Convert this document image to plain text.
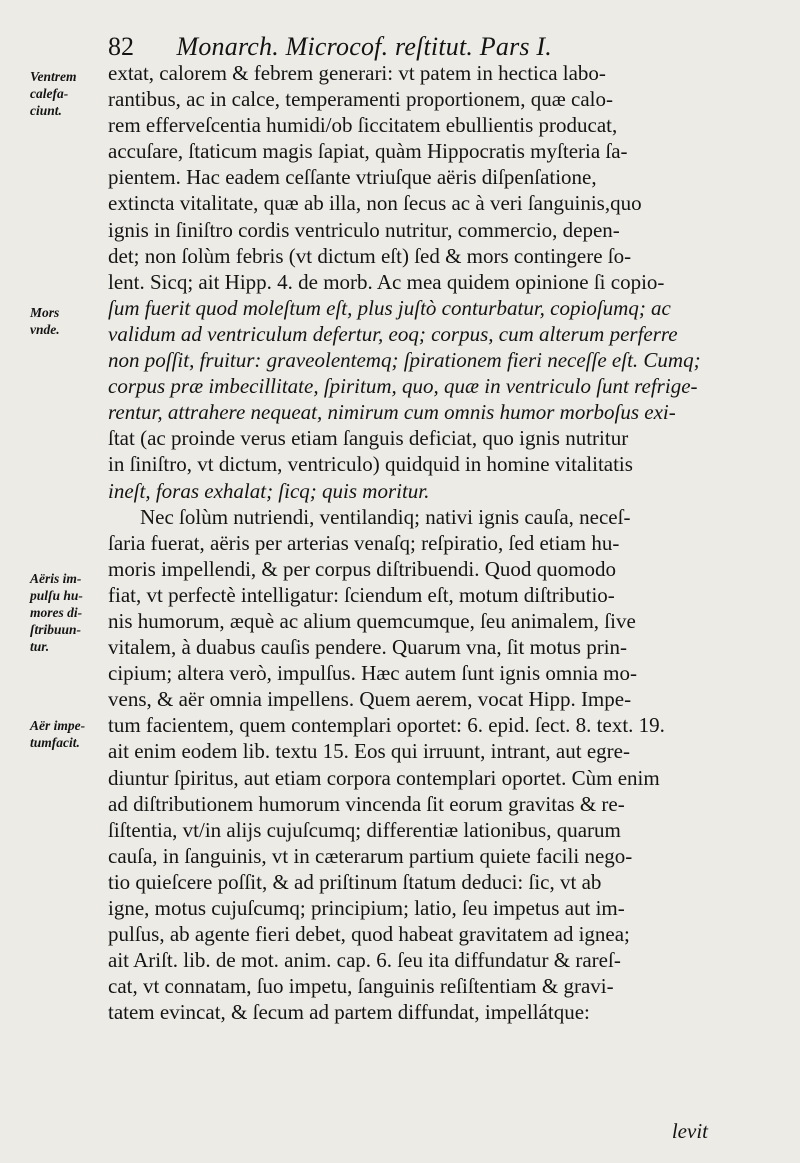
82 Monarch. Microcof. reſtitut. Pars I.
Ventrem
calefa-
ciunt.
Mors
vnde.
Aëris im-
pulſu hu-
mores di-
ſtribuun-
tur.
Aër impe-
tumfacit.
extat, calorem & febrem generari: vt patem in hectica labo-
rantibus, ac in calce, temperamenti proportionem, quæ calo-
rem efferveſcentia humidi/ob ſiccitatem ebullientis producat,
accuſare, ſtaticum magis ſapiat, quàm Hippocratis myſteria ſa-
pientem. Hac eadem ceſſante vtriuſque aëris diſpenſatione,
extincta vitalitate, quæ ab illa, non ſecus ac à veri ſanguinis,quo
ignis in ſiniſtro cordis ventriculo nutritur, commercio, depen-
det; non ſolùm febris (vt dictum eſt) ſed & mors contingere ſo-
lent. Sicq; ait Hipp. 4. de morb. Ac mea quidem opinione ſi copio-
ſum fuerit quod moleſtum eſt, plus juſtò conturbatur, copioſumq; ac
validum ad ventriculum defertur, eoq; corpus, cum alterum perferre
non poſſit, fruitur: graveolentemq; ſpirationem fieri neceſſe eſt. Cumq;
corpus præ imbecillitate, ſpiritum, quo, quæ in ventriculo ſunt refrige-
rentur, attrahere nequeat, nimirum cum omnis humor morboſus exi-
ſtat (ac proinde verus etiam ſanguis deficiat, quo ignis nutritur
in ſiniſtro, vt dictum, ventriculo) quidquid in homine vitalitatis
ineſt, foras exhalat; ſicq; quis moritur.
Nec ſolùm nutriendi, ventilandiq; nativi ignis cauſa, neceſ-
ſaria fuerat, aëris per arterias venaſq; reſpiratio, ſed etiam hu-
moris impellendi, & per corpus diſtribuendi. Quod quomodo
fiat, vt perfectè intelligatur: ſciendum eſt, motum diſtributio-
nis humorum, æquè ac alium quemcumque, ſeu animalem, ſive
vitalem, à duabus cauſis pendere. Quarum vna, ſit motus prin-
cipium; altera verò, impulſus. Hæc autem ſunt ignis omnia mo-
vens, & aër omnia impellens. Quem aerem, vocat Hipp. Impe-
tum facientem, quem contemplari oportet: 6. epid. ſect. 8. text. 19.
ait enim eodem lib. textu 15. Eos qui irruunt, intrant, aut egre-
diuntur ſpiritus, aut etiam corpora contemplari oportet. Cùm enim
ad diſtributionem humorum vincenda ſit eorum gravitas & re-
ſiſtentia, vt/in alijs cujuſcumq; differentiæ lationibus, quarum
cauſa, in ſanguinis, vt in cæterarum partium quiete facili nego-
tio quieſcere poſſit, & ad priſtinum ſtatum deduci: ſic, vt ab
igne, motus cujuſcumq; principium; latio, ſeu impetus aut im-
pulſus, ab agente fieri debet, quod habeat gravitatem ad ignea;
ait Ariſt. lib. de mot. anim. cap. 6. ſeu ita diffundatur & rareſ-
cat, vt connatam, ſuo impetu, ſanguinis reſiſtentiam & gravi-
tatem evincat, & ſecum ad partem diffundat, impellátque:
levit
